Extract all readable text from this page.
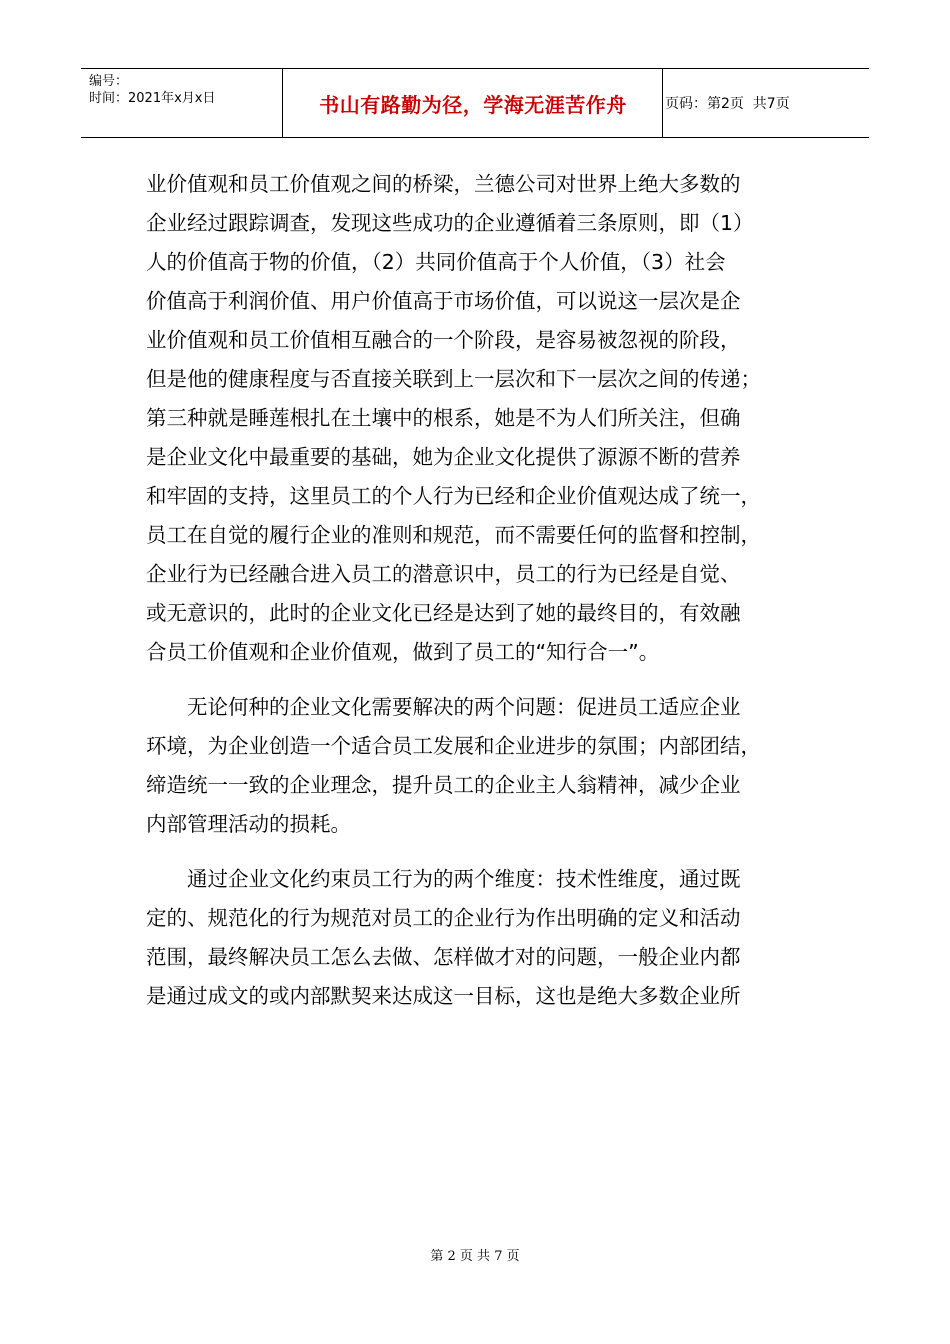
编号：
时间：2021年x月x日	书山有路勤为径，学海无涯苦作舟	页码：第2页  共7页
业价值观和员工价值观之间的桥梁，兰德公司对世界上绝大多数的
企业经过跟踪调查，发现这些成功的企业遵循着三条原则，即（1）
人的价值高于物的价值，（2）共同价值高于个人价值，（3）社会
价值高于利润价值、用户价值高于市场价值，可以说这一层次是企
业价值观和员工价值相互融合的一个阶段，是容易被忽视的阶段，
但是他的健康程度与否直接关联到上一层次和下一层次之间的传递；
第三种就是睡莲根扎在土壤中的根系，她是不为人们所关注，但确
是企业文化中最重要的基础，她为企业文化提供了源源不断的营养
和牢固的支持，这里员工的个人行为已经和企业价值观达成了统一，
员工在自觉的履行企业的准则和规范，而不需要任何的监督和控制，
企业行为已经融合进入员工的潜意识中，员工的行为已经是自觉、
或无意识的，此时的企业文化已经是达到了她的最终目的，有效融
合员工价值观和企业价值观，做到了员工的“知行合一”。
无论何种的企业文化需要解决的两个问题：促进员工适应企业
环境，为企业创造一个适合员工发展和企业进步的氛围；内部团结，
缔造统一一致的企业理念，提升员工的企业主人翁精神，减少企业
内部管理活动的损耗。
通过企业文化约束员工行为的两个维度：技术性维度，通过既
定的、规范化的行为规范对员工的企业行为作出明确的定义和活动
范围，最终解决员工怎么去做、怎样做才对的问题，一般企业内都
是通过成文的或内部默契来达成这一目标，这也是绝大多数企业所
第 2 页 共 7 页
